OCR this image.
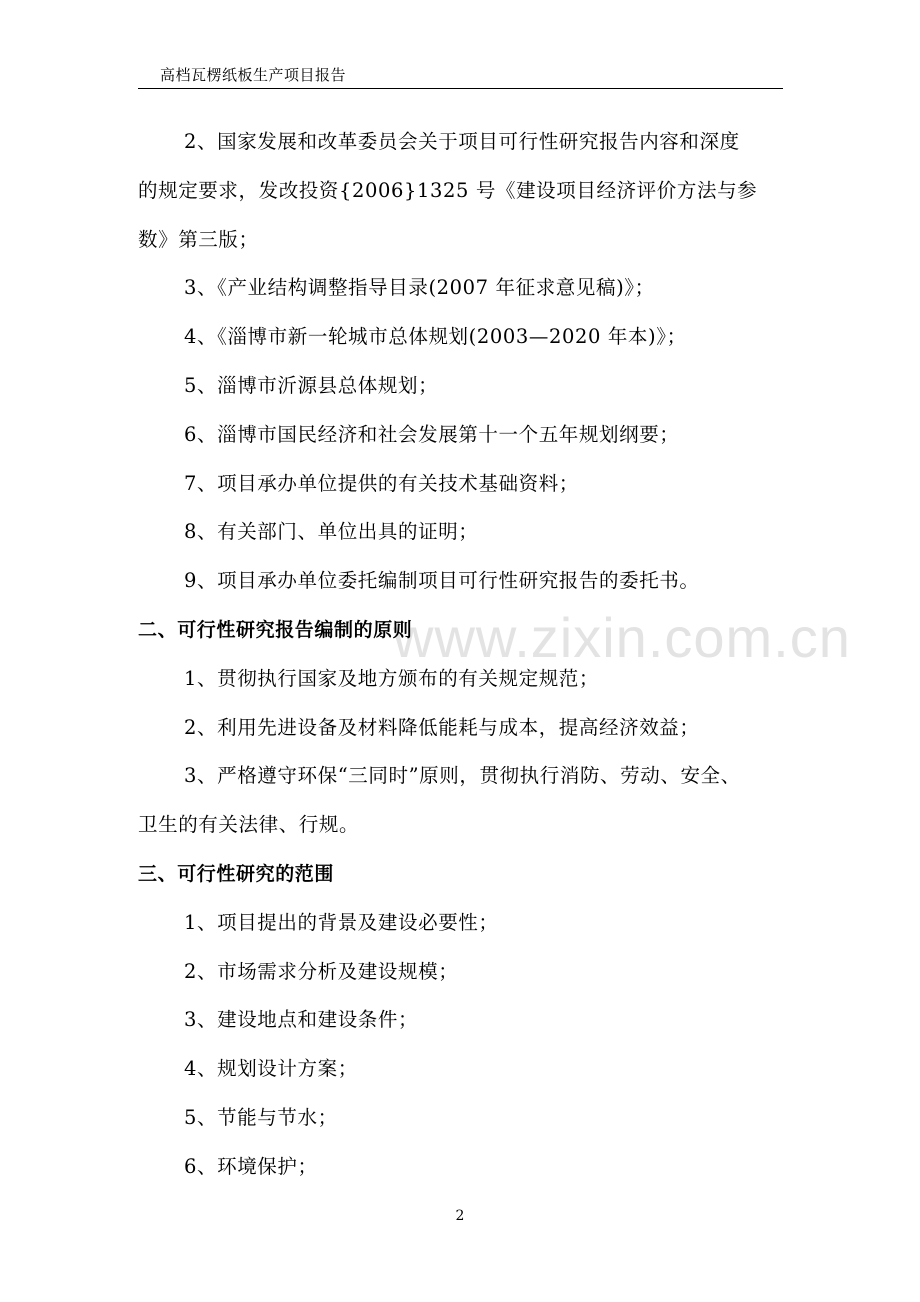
高档瓦楞纸板生产项目报告
www.zixin.com.cn
2、国家发展和改革委员会关于项目可行性研究报告内容和深度
的规定要求，发改投资{2006}1325 号《建设项目经济评价方法与参
数》第三版；
3、《产业结构调整指导目录(2007 年征求意见稿)》；
4、《淄博市新一轮城市总体规划(2003—2020 年本)》；
5、淄博市沂源县总体规划；
6、淄博市国民经济和社会发展第十一个五年规划纲要；
7、项目承办单位提供的有关技术基础资料；
8、有关部门、单位出具的证明；
9、项目承办单位委托编制项目可行性研究报告的委托书。
二、可行性研究报告编制的原则
1、贯彻执行国家及地方颁布的有关规定规范；
2、利用先进设备及材料降低能耗与成本，提高经济效益；
3、严格遵守环保“三同时”原则，贯彻执行消防、劳动、安全、
卫生的有关法律、行规。
三、可行性研究的范围
1、项目提出的背景及建设必要性；
2、市场需求分析及建设规模；
3、建设地点和建设条件；
4、规划设计方案；
5、节能与节水；
6、环境保护；
2
